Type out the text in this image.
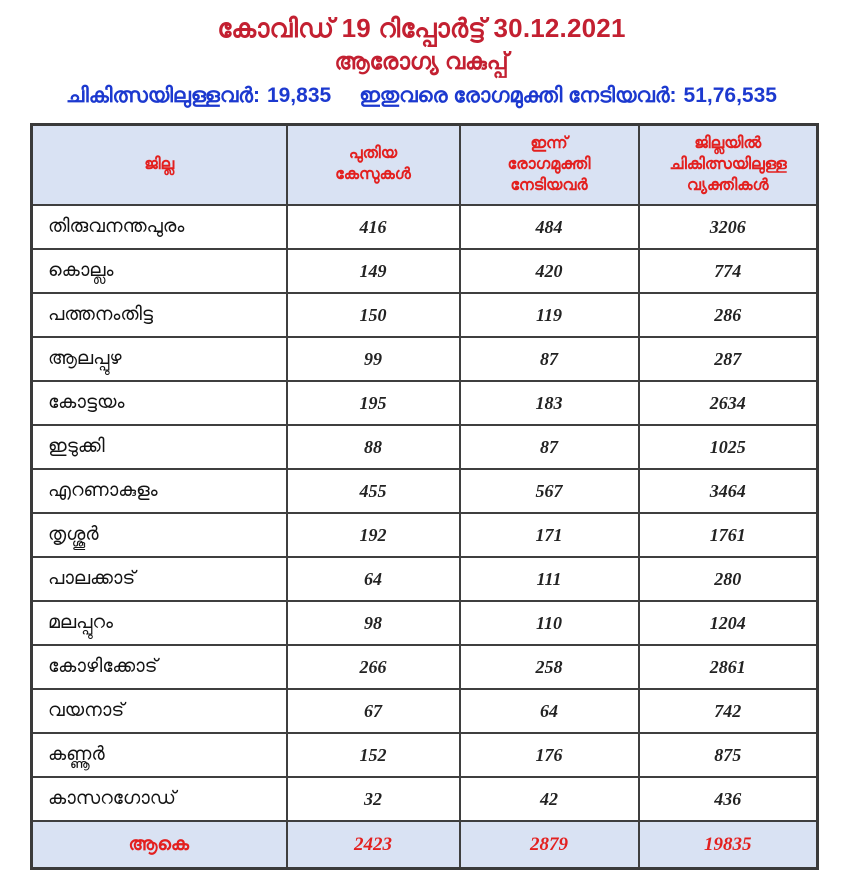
കോവിഡ് 19 റിപ്പോർട്ട് 30.12.2021
ആരോഗ്യ വകുപ്പ്
ചികിത്സയിലുള്ളവർ: 19,835 ഇതുവരെ രോഗമുക്തി നേടിയവർ: 51,76,535
ജില്ല	പുതിയ കേസുകൾ	ഇന്ന് രോഗമുക്തി നേടിയവർ	ജില്ലയിൽ ചികിത്സയിലുള്ള വ്യക്തികൾ
തിരുവനന്തപുരം	416	484	3206
കൊല്ലം	149	420	774
പത്തനംതിട്ട	150	119	286
ആലപ്പുഴ	99	87	287
കോട്ടയം	195	183	2634
ഇടുക്കി	88	87	1025
എറണാകുളം	455	567	3464
തൃശ്ശൂർ	192	171	1761
പാലക്കാട്	64	111	280
മലപ്പുറം	98	110	1204
കോഴിക്കോട്	266	258	2861
വയനാട്	67	64	742
കണ്ണൂർ	152	176	875
കാസറഗോഡ്	32	42	436
ആകെ	2423	2879	19835
